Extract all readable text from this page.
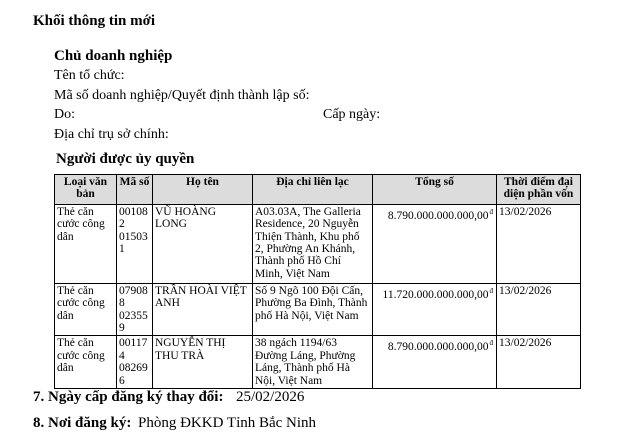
Khối thông tin mới
Chủ doanh nghiệp
Tên tổ chức:
Mã số doanh nghiệp/Quyết định thành lập số:
Do:	Cấp ngày:
Địa chỉ trụ sở chính:
Người được ủy quyền
Loại văn bản	Mã số	Họ tên	Địa chỉ liên lạc	Tổng số	Thời điểm đại diện phần vốn
Thẻ căn cước công dân	001082 015031	VŨ HOÀNG LONG	A03.03A, The Galleria Residence, 20 Nguyễn Thiện Thành, Khu phố 2, Phường An Khánh, Thành phố Hồ Chí Minh, Việt Nam	$8.790.000.000.000,00^đ$	13/02/2026
Thẻ căn cước công dân	079088 023559	TRẦN HOÀI VIỆT ANH	Số 9 Ngõ 100 Đội Cấn, Phường Ba Đình, Thành phố Hà Nội, Việt Nam	$11.720.000.000.000,00^đ$	13/02/2026
Thẻ căn cước công dân	001174 082696	NGUYỄN THỊ THU TRÀ	38 ngách 1194/63 Đường Láng, Phường Láng, Thành phố Hà Nội, Việt Nam	$8.790.000.000.000,00^đ$	13/02/2026
7. Ngày cấp đăng ký thay đổi: 25/02/2026
8. Nơi đăng ký: Phòng ĐKKD Tỉnh Bắc Ninh
